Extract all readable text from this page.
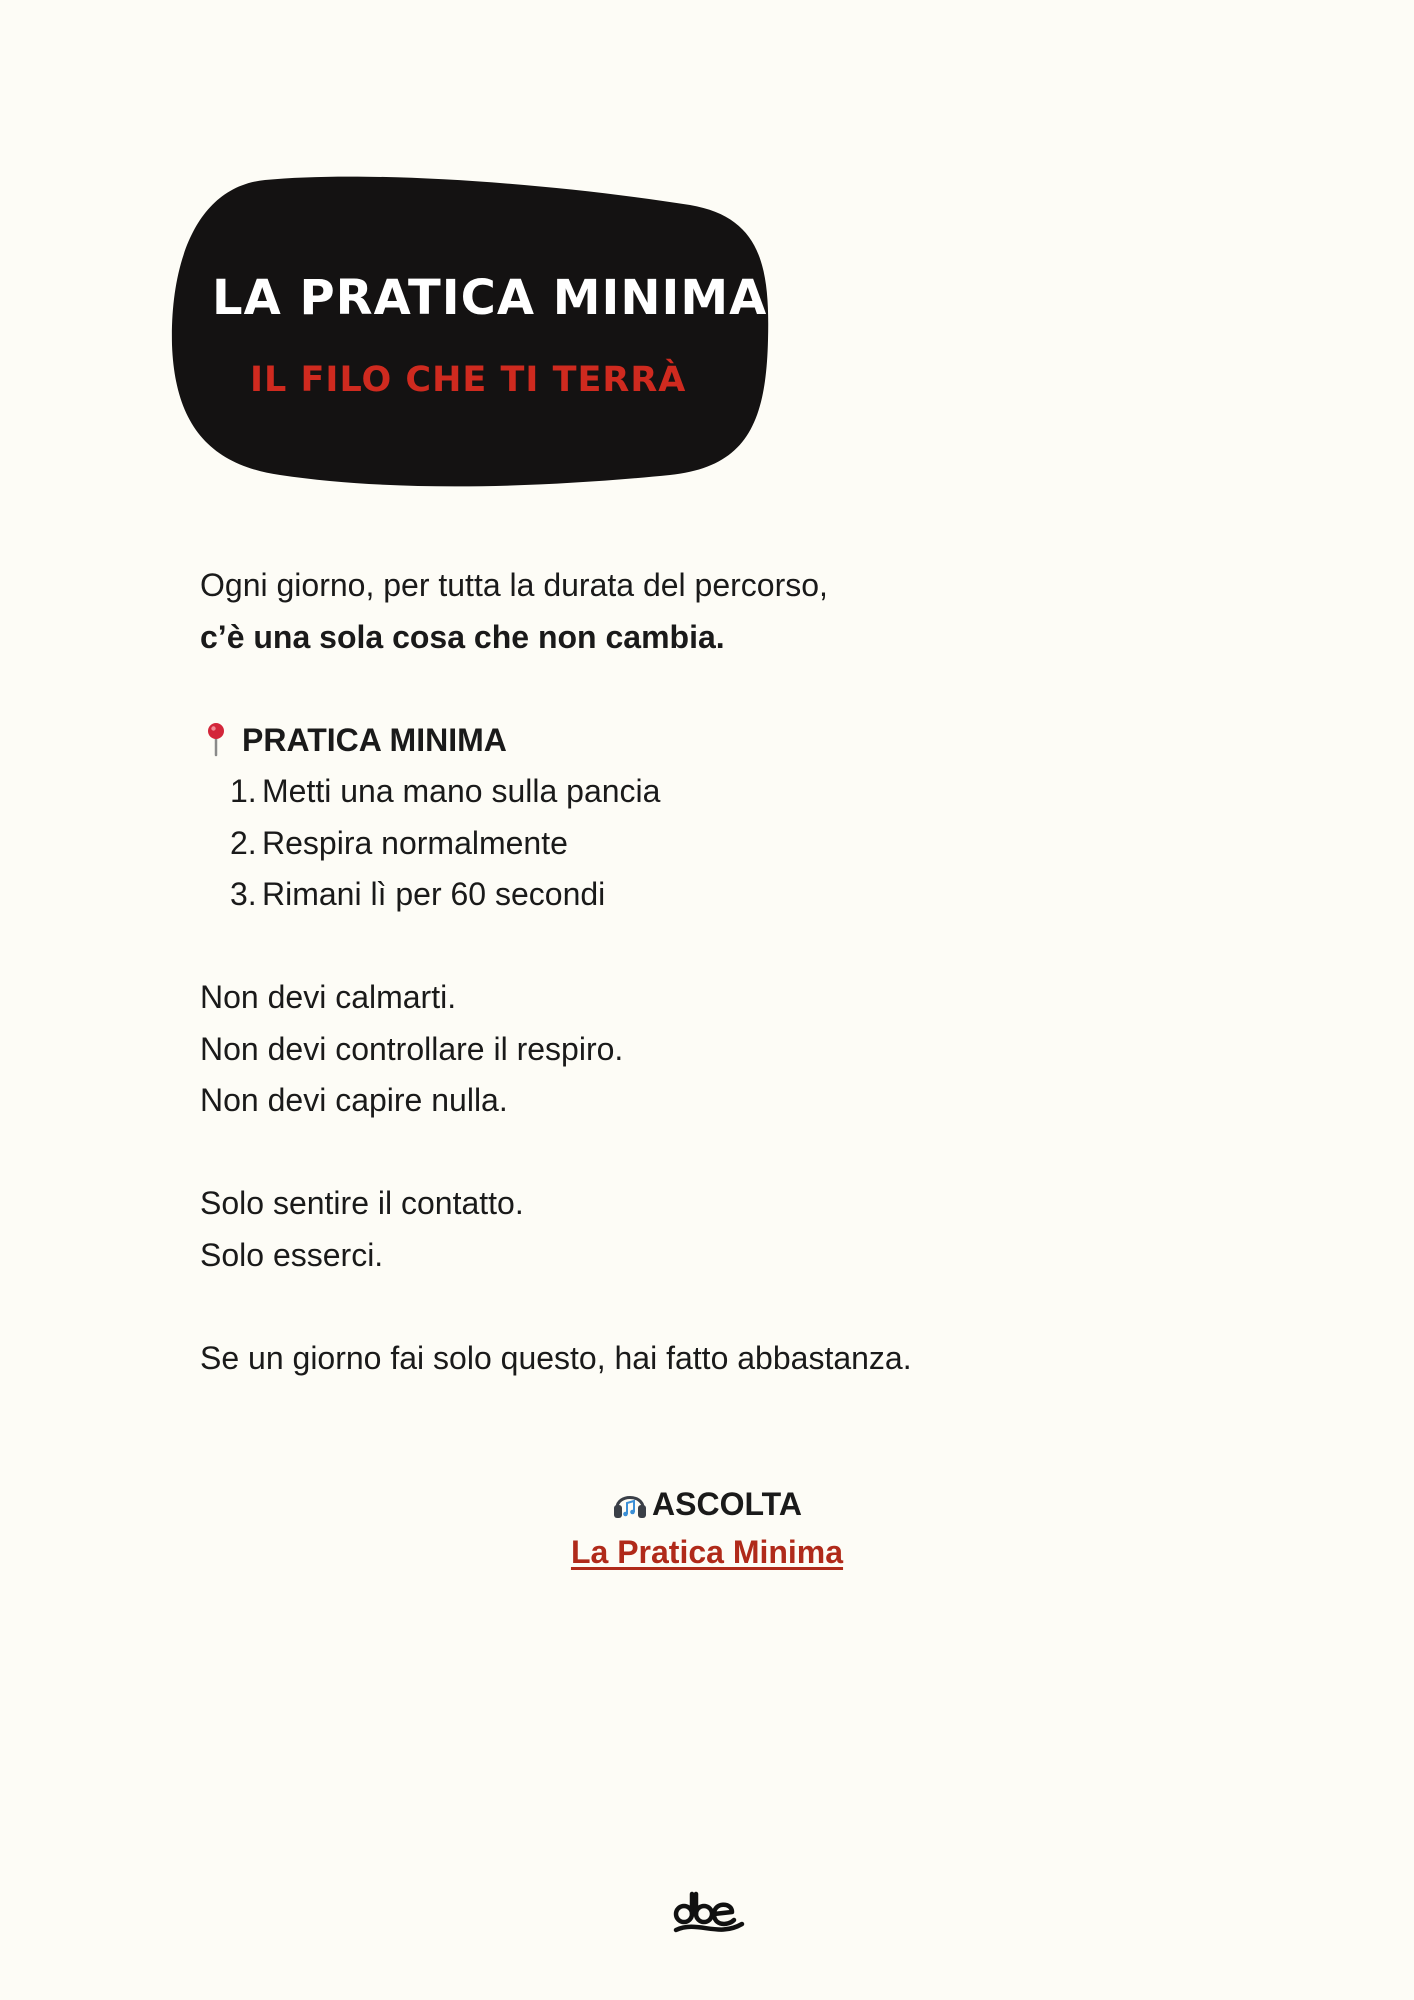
LA PRATICA MINIMA
IL FILO CHE TI TERRÀ
Ogni giorno, per tutta la durata del percorso,
c’è una sola cosa che non cambia.
PRATICA MINIMA
1. Metti una mano sulla pancia
2. Respira normalmente
3. Rimani lì per 60 secondi
Non devi calmarti.
Non devi controllare il respiro.
Non devi capire nulla.
Solo sentire il contatto.
Solo esserci.
Se un giorno fai solo questo, hai fatto abbastanza.
ASCOLTA
La Pratica Minima
